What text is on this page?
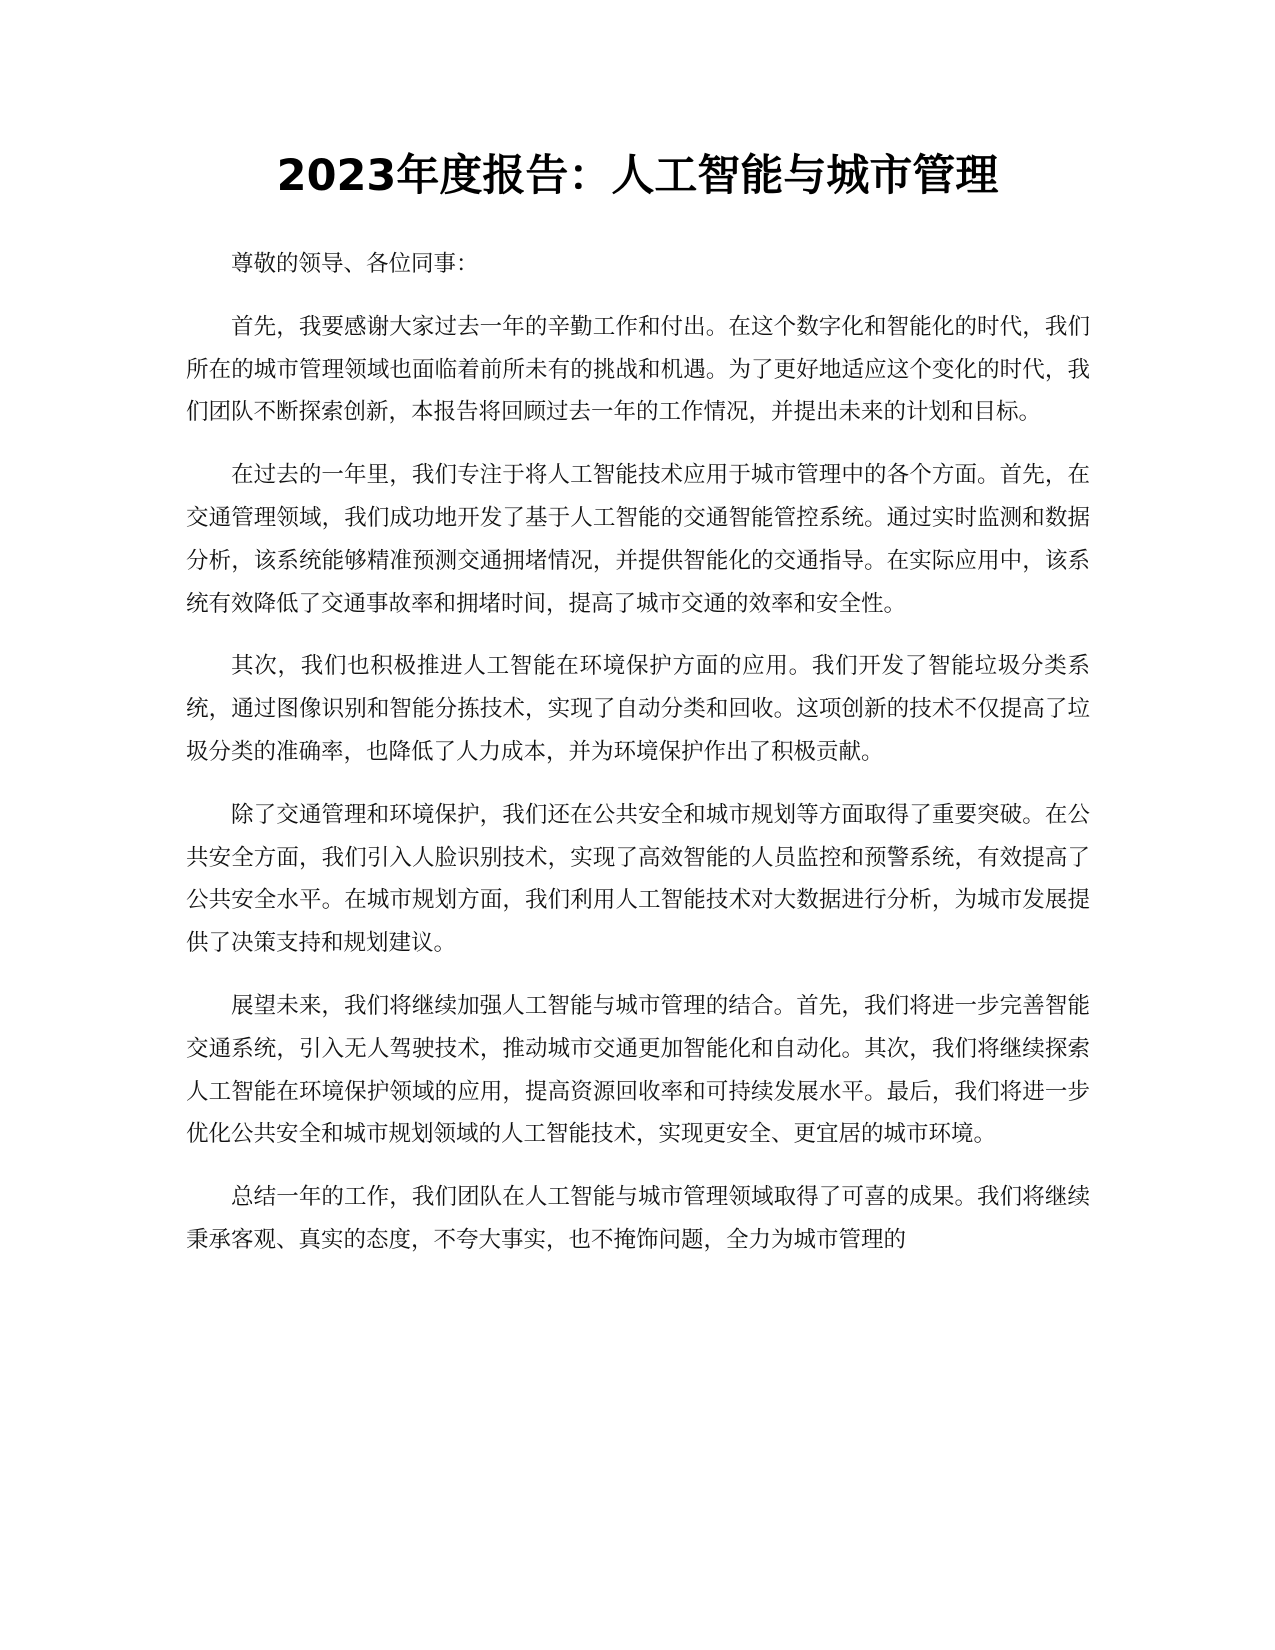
2023年度报告：人工智能与城市管理

尊敬的领导、各位同事：

首先，我要感谢大家过去一年的辛勤工作和付出。在这个数字化和智能化的时代，我们所在的城市管理领域也面临着前所未有的挑战和机遇。为了更好地适应这个变化的时代，我们团队不断探索创新，本报告将回顾过去一年的工作情况，并提出未来的计划和目标。

在过去的一年里，我们专注于将人工智能技术应用于城市管理中的各个方面。首先，在交通管理领域，我们成功地开发了基于人工智能的交通智能管控系统。通过实时监测和数据分析，该系统能够精准预测交通拥堵情况，并提供智能化的交通指导。在实际应用中，该系统有效降低了交通事故率和拥堵时间，提高了城市交通的效率和安全性。

其次，我们也积极推进人工智能在环境保护方面的应用。我们开发了智能垃圾分类系统，通过图像识别和智能分拣技术，实现了自动分类和回收。这项创新的技术不仅提高了垃圾分类的准确率，也降低了人力成本，并为环境保护作出了积极贡献。

除了交通管理和环境保护，我们还在公共安全和城市规划等方面取得了重要突破。在公共安全方面，我们引入人脸识别技术，实现了高效智能的人员监控和预警系统，有效提高了公共安全水平。在城市规划方面，我们利用人工智能技术对大数据进行分析，为城市发展提供了决策支持和规划建议。

展望未来，我们将继续加强人工智能与城市管理的结合。首先，我们将进一步完善智能交通系统，引入无人驾驶技术，推动城市交通更加智能化和自动化。其次，我们将继续探索人工智能在环境保护领域的应用，提高资源回收率和可持续发展水平。最后，我们将进一步优化公共安全和城市规划领域的人工智能技术，实现更安全、更宜居的城市环境。

总结一年的工作，我们团队在人工智能与城市管理领域取得了可喜的成果。我们将继续秉承客观、真实的态度，不夸大事实，也不掩饰问题，全力为城市管理的
